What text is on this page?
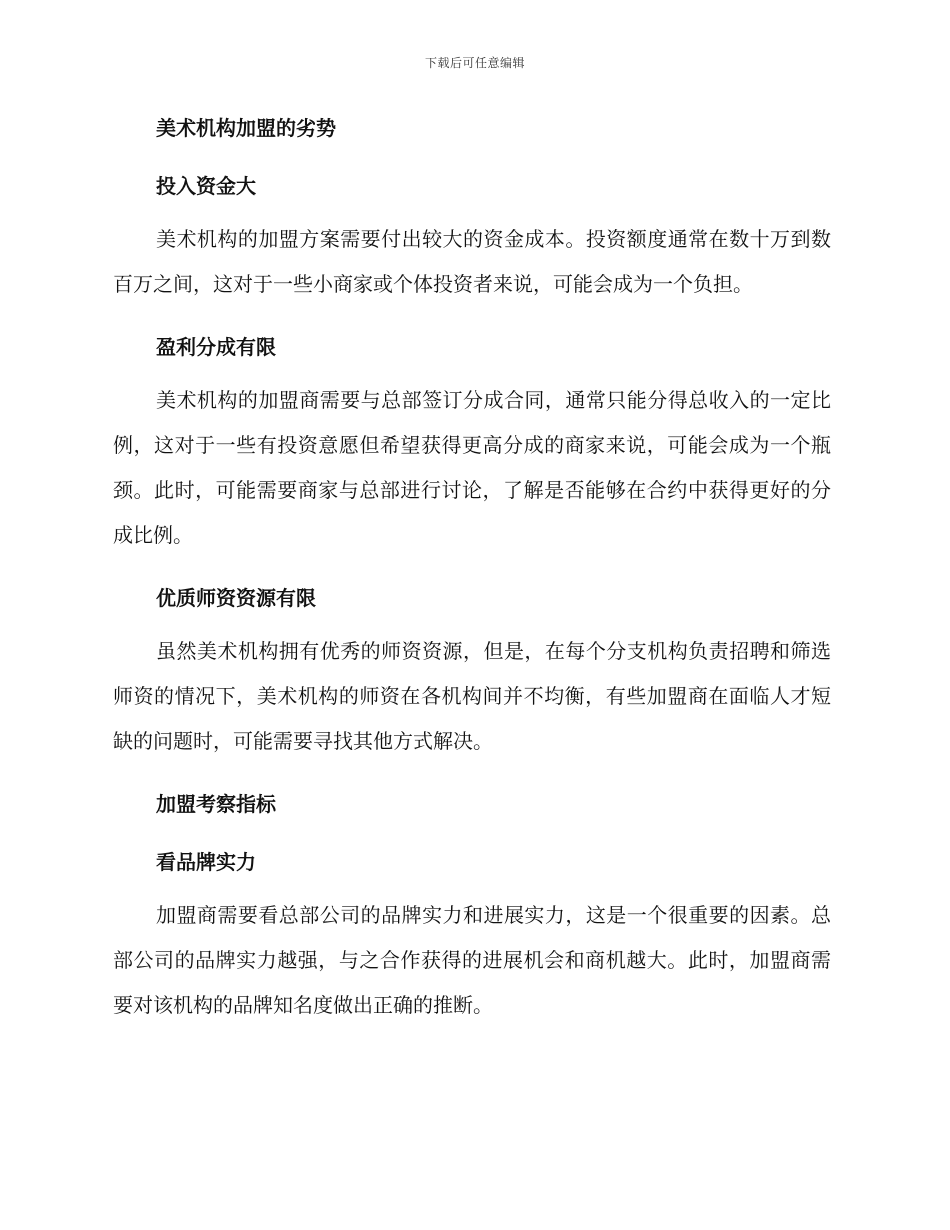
下载后可任意编辑
美术机构加盟的劣势
投入资金大

美术机构的加盟方案需要付出较大的资金成本。投资额度通常在数十万到数百万之间，这对于一些小商家或个体投资者来说，可能会成为一个负担。

盈利分成有限

美术机构的加盟商需要与总部签订分成合同，通常只能分得总收入的一定比例，这对于一些有投资意愿但希望获得更高分成的商家来说，可能会成为一个瓶颈。此时，可能需要商家与总部进行讨论，了解是否能够在合约中获得更好的分成比例。

优质师资资源有限

虽然美术机构拥有优秀的师资资源，但是，在每个分支机构负责招聘和筛选师资的情况下，美术机构的师资在各机构间并不均衡，有些加盟商在面临人才短缺的问题时，可能需要寻找其他方式解决。

加盟考察指标
看品牌实力

加盟商需要看总部公司的品牌实力和进展实力，这是一个很重要的因素。总部公司的品牌实力越强，与之合作获得的进展机会和商机越大。此时，加盟商需要对该机构的品牌知名度做出正确的推断。
